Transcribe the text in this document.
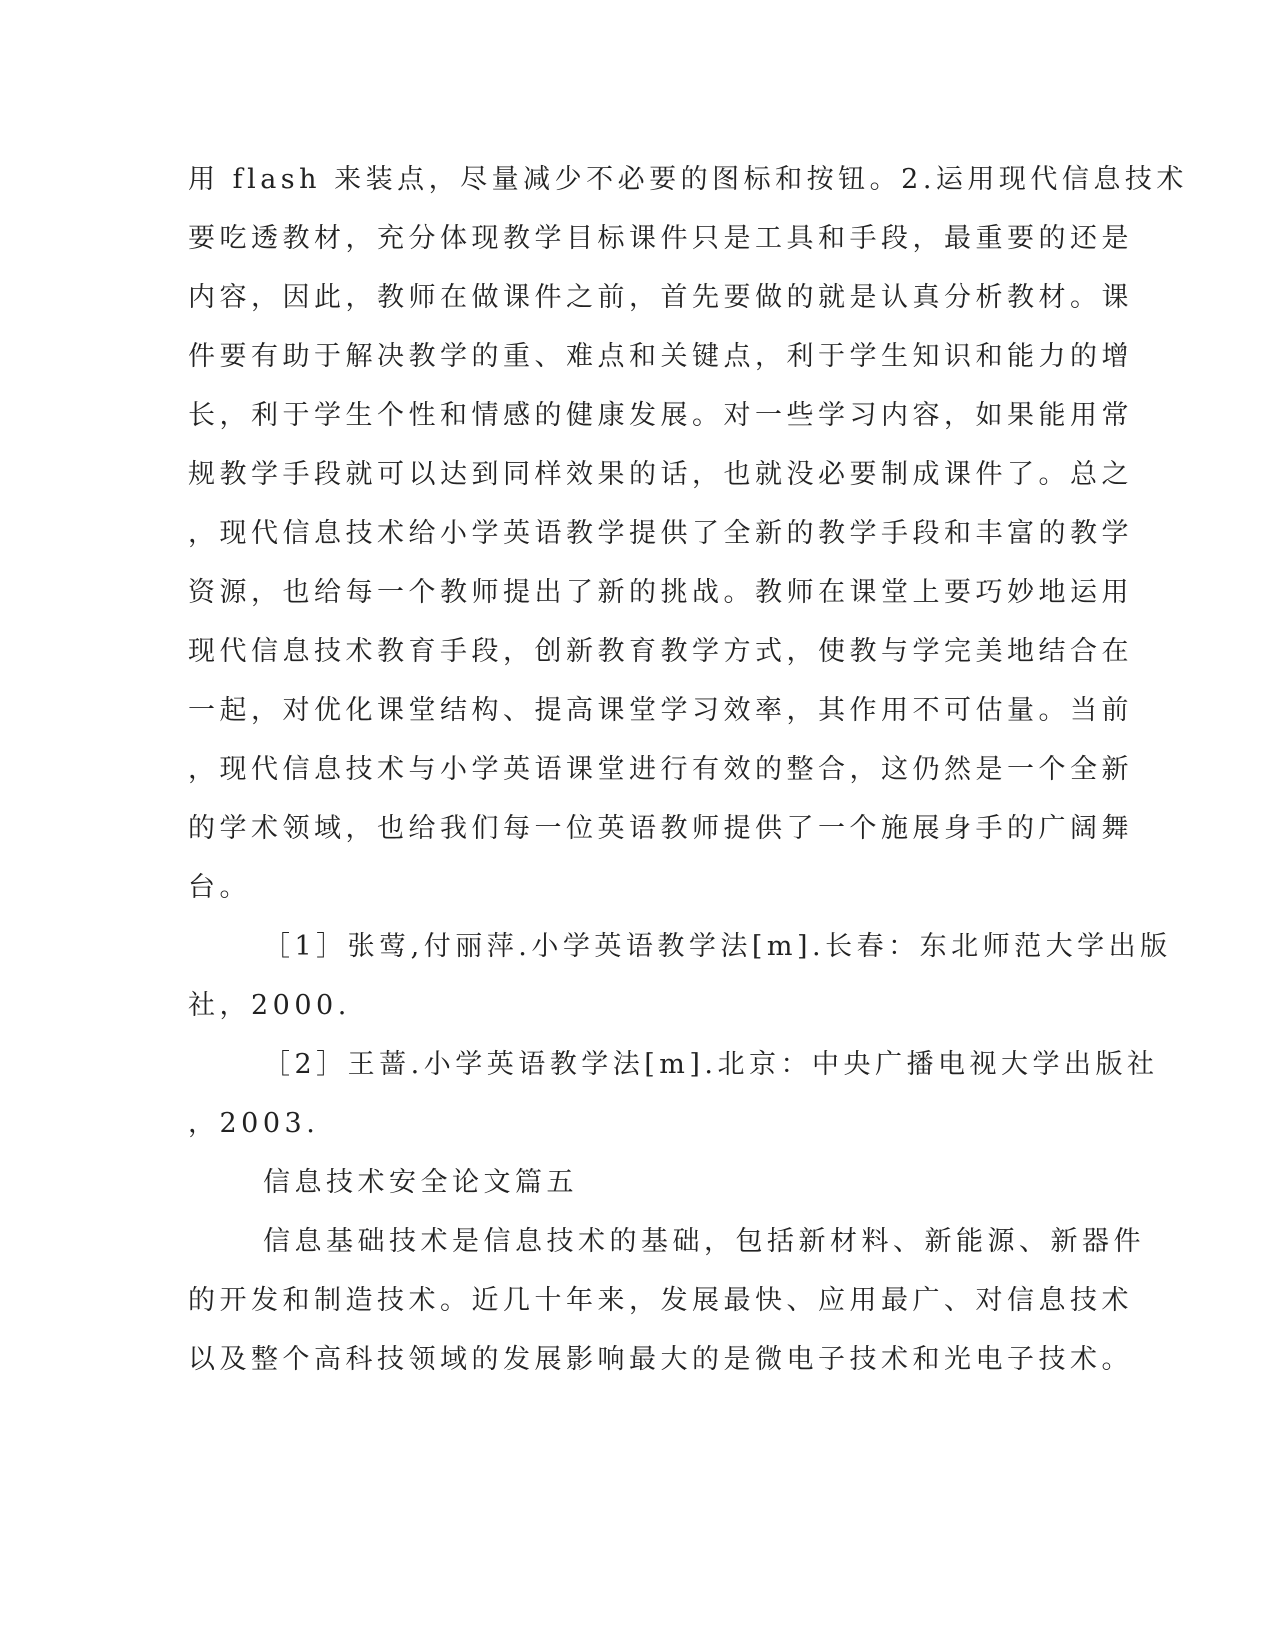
用 flash 来装点，尽量减少不必要的图标和按钮。2.运用现代信息技术
要吃透教材，充分体现教学目标课件只是工具和手段，最重要的还是
内容，因此，教师在做课件之前，首先要做的就是认真分析教材。课
件要有助于解决教学的重、难点和关键点，利于学生知识和能力的增
长，利于学生个性和情感的健康发展。对一些学习内容，如果能用常
规教学手段就可以达到同样效果的话，也就没必要制成课件了。总之
，现代信息技术给小学英语教学提供了全新的教学手段和丰富的教学
资源，也给每一个教师提出了新的挑战。教师在课堂上要巧妙地运用
现代信息技术教育手段，创新教育教学方式，使教与学完美地结合在
一起，对优化课堂结构、提高课堂学习效率，其作用不可估量。当前
，现代信息技术与小学英语课堂进行有效的整合，这仍然是一个全新
的学术领域，也给我们每一位英语教师提供了一个施展身手的广阔舞
台。
［1］张莺,付丽萍.小学英语教学法[m].长春：东北师范大学出版
社，2000.
［2］王蔷.小学英语教学法[m].北京：中央广播电视大学出版社
，2003.
信息技术安全论文篇五
信息基础技术是信息技术的基础，包括新材料、新能源、新器件
的开发和制造技术。近几十年来，发展最快、应用最广、对信息技术
以及整个高科技领域的发展影响最大的是微电子技术和光电子技术。
